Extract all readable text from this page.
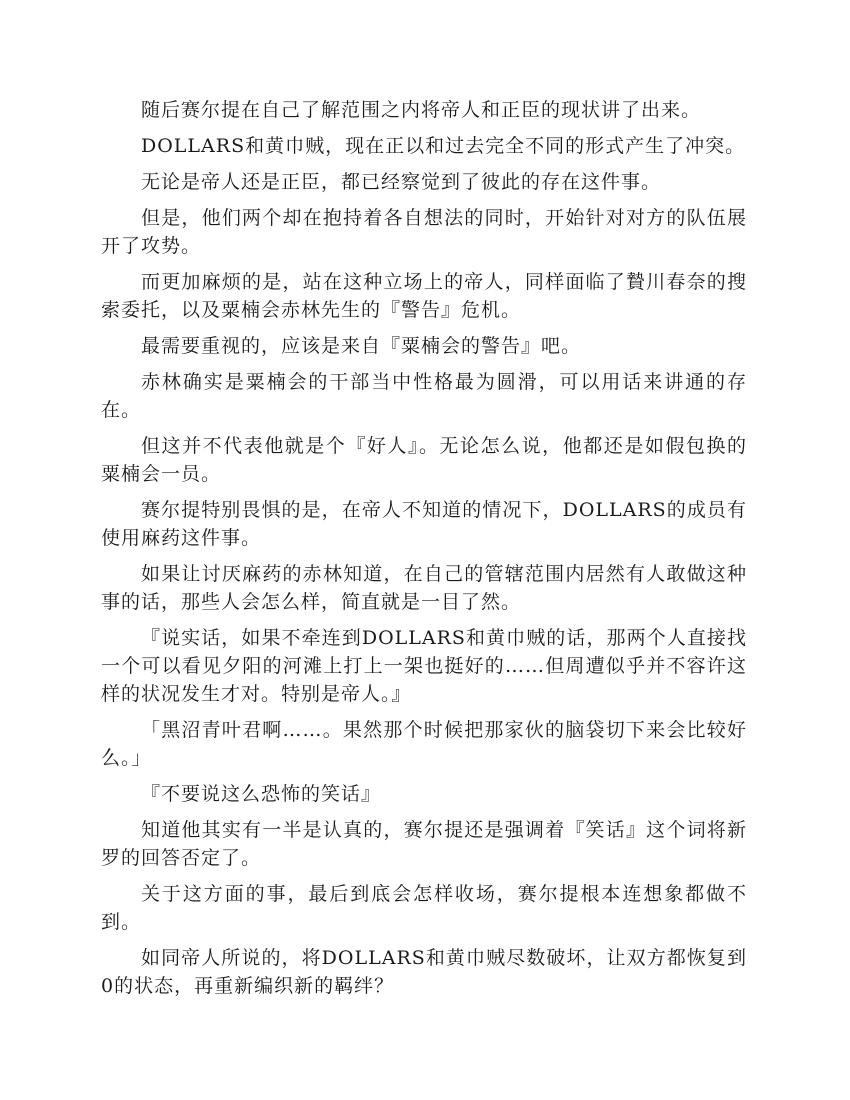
随后赛尔提在自己了解范围之内将帝人和正臣的现状讲了出来。

DOLLARS和黄巾贼，现在正以和过去完全不同的形式产生了冲突。

无论是帝人还是正臣，都已经察觉到了彼此的存在这件事。

但是，他们两个却在抱持着各自想法的同时，开始针对对方的队伍展开了攻势。

而更加麻烦的是，站在这种立场上的帝人，同样面临了贄川春奈的搜索委托，以及粟楠会赤林先生的『警告』危机。

最需要重视的，应该是来自『粟楠会的警告』吧。

赤林确实是粟楠会的干部当中性格最为圆滑，可以用话来讲通的存在。

但这并不代表他就是个『好人』。无论怎么说，他都还是如假包换的粟楠会一员。

赛尔提特别畏惧的是，在帝人不知道的情况下，DOLLARS的成员有使用麻药这件事。

如果让讨厌麻药的赤林知道，在自己的管辖范围内居然有人敢做这种事的话，那些人会怎么样，简直就是一目了然。

『说实话，如果不牵连到DOLLARS和黄巾贼的话，那两个人直接找一个可以看见夕阳的河滩上打上一架也挺好的……但周遭似乎并不容许这样的状况发生才对。特别是帝人。』

「黑沼青叶君啊……。果然那个时候把那家伙的脑袋切下来会比较好么。」

『不要说这么恐怖的笑话』

知道他其实有一半是认真的，赛尔提还是强调着『笑话』这个词将新罗的回答否定了。

关于这方面的事，最后到底会怎样收场，赛尔提根本连想象都做不到。

如同帝人所说的，将DOLLARS和黄巾贼尽数破坏，让双方都恢复到0的状态，再重新编织新的羁绊？
